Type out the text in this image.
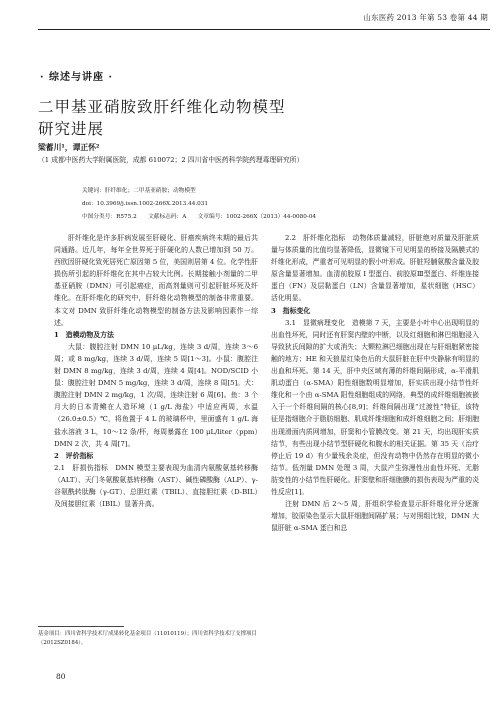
山东医药 2013 年第 53 卷第 44 期
· 综述与讲座 ·
二甲基亚硝胺致肝纤维化动物模型
研究进展
梁蓄川¹，谭正怀²
（1 成都中医药大学附属医院，成都 610072；2 四川省中医药科学院药理毒理研究所）
关键词：肝纤维化；二甲基亚硝胺；动物模型
doi：10.3969/j.issn.1002-266X.2013.44.031
中图分类号：R575.2　　文献标志码：A　　文章编号：1002-266X（2013）44-0080-04

肝纤维化是许多肝病发展至肝硬化、肝癌疾病终末期的最后共同通路。近几年，每年全世界死于肝硬化的人数已增加到 50 万。西欧因肝硬化致死居死亡原因第 5 位，美国则居第 4 位。化学性肝损伤所引起的肝纤维化在其中占较大比例。长期接触小剂量的二甲基亚硝胺（DMN）可引起癌症，而高剂量则可引起肝脏坏死及纤维化。在肝纤维化的研究中，肝纤维化动物模型的制备非常重要。本文对 DMN 致肝纤维化动物模型的制备方法及影响因素作一综述。

1　造模动物及方法

大鼠：腹腔注射 DMN 10 μL/kg，连续 3 d/周，连续 3～6 周；或 8 mg/kg，连续 3 d/周，连续 5 周[1～3]。小鼠：腹腔注射 DMN 8 mg/kg，连续 3 d/周，连续 4 周[4]。NOD/SCID 小鼠：腹腔注射 DMN 5 mg/kg，连续 3 d/周，连续 8 周[5]。犬：腹腔注射 DMN 2 mg/kg，1 次/周，连续注射 6 周[6]。鱼：3 个月大的日本青鳉在人造环境（1 g/L 海盐）中适应两周，水温（26.0±0.5）℃，将鱼置于 4 L 的玻璃杯中，里面盛有 1 g/L 海盐水溶液 3 L，10～12 条/杯，每周暴露在 100 μL/liter（ppm）DMN 2 次，共 4 周[7]。

2　评价指标

2.1　肝损伤指标　DMN 模型主要表现为血清内氨酸氨基转移酶（ALT）、天门冬氨酸氨基转移酶（AST）、碱性磷酸酶（ALP）、γ-谷氨酰转肽酶（γ-GT）、总胆红素（TBIL）、直接胆红素（D-BIL）及间接胆红素（IBIL）显著升高。

2.2　肝纤维化指标　动物体质量减轻，肝脏绝对质量及肝脏质量与体质量的比值均显著降低，显微镜下可见明显的桥接及隔膜式的纤维化形成，严重者可见明显的假小叶形成。肝脏羟脯氨酸含量及胶原含量显著增加。血清前胶原 I 型蛋白、前胶原Ⅲ型蛋白、纤维连接蛋白（FN）及层黏蛋白（LN）含量显著增加，星状细胞（HSC）活化明显。

3　指标变化

3.1　显微病理变化　造模第 7 天，主要是小叶中心出现明显的出血性坏死，同时还有肝窦内壁的中断，以及红细胞和淋巴细胞浸入导致狄氏间隙的扩大或消失；大颗粒淋巴细胞出现在与肝细胞紧密接触的地方；HE 和天狼星红染色后的大鼠肝脏在肝中央静脉有明显的出血和坏死。第 14 天，肝中央区域有薄的纤维间隔形成，α-平滑肌肌动蛋白（α-SMA）阳性细胞数明显增加，肝实质出现小结节性纤维化和一个由 α-SMA 阳性细胞组成的网络，典型的成纤维细胞被嵌入于一个纤维间隔的核心[8,9]；纤维间隔出现“过渡性”特征，该特征是指细胞介于脂肪细胞、肌成纤维细胞和成纤维细胞之间；肝细胞出现滑面内质网增加，肝窦和小管膜改变。第 21 天，均出现肝实质结节，有些出现小结节型肝硬化和腹水的相关证据。第 35 天（治疗停止后 19 d）有少量残余炎症，但没有动物中仍然存在明显的微小结节。低剂量 DMN 处理 3 周，大鼠产生弥漫性出血性坏死、无脂肪变性的小结节性肝硬化。肝窦壁和肝细胞膜的损伤表现为严重的炎性反应[1]。

注射 DMN 后 2～5 周，肝组织学检查显示肝纤维化评分逐渐增加，胶原染色显示大鼠肝细胞间隔扩展；与对照组比较，DMN 大鼠肝脏 α-SMA 蛋白和总

基金项目：四川省科学技术厅成果转化基金项目（11010119）；四川省科学技术厅支撑项目（2012SZ0184）。
80
